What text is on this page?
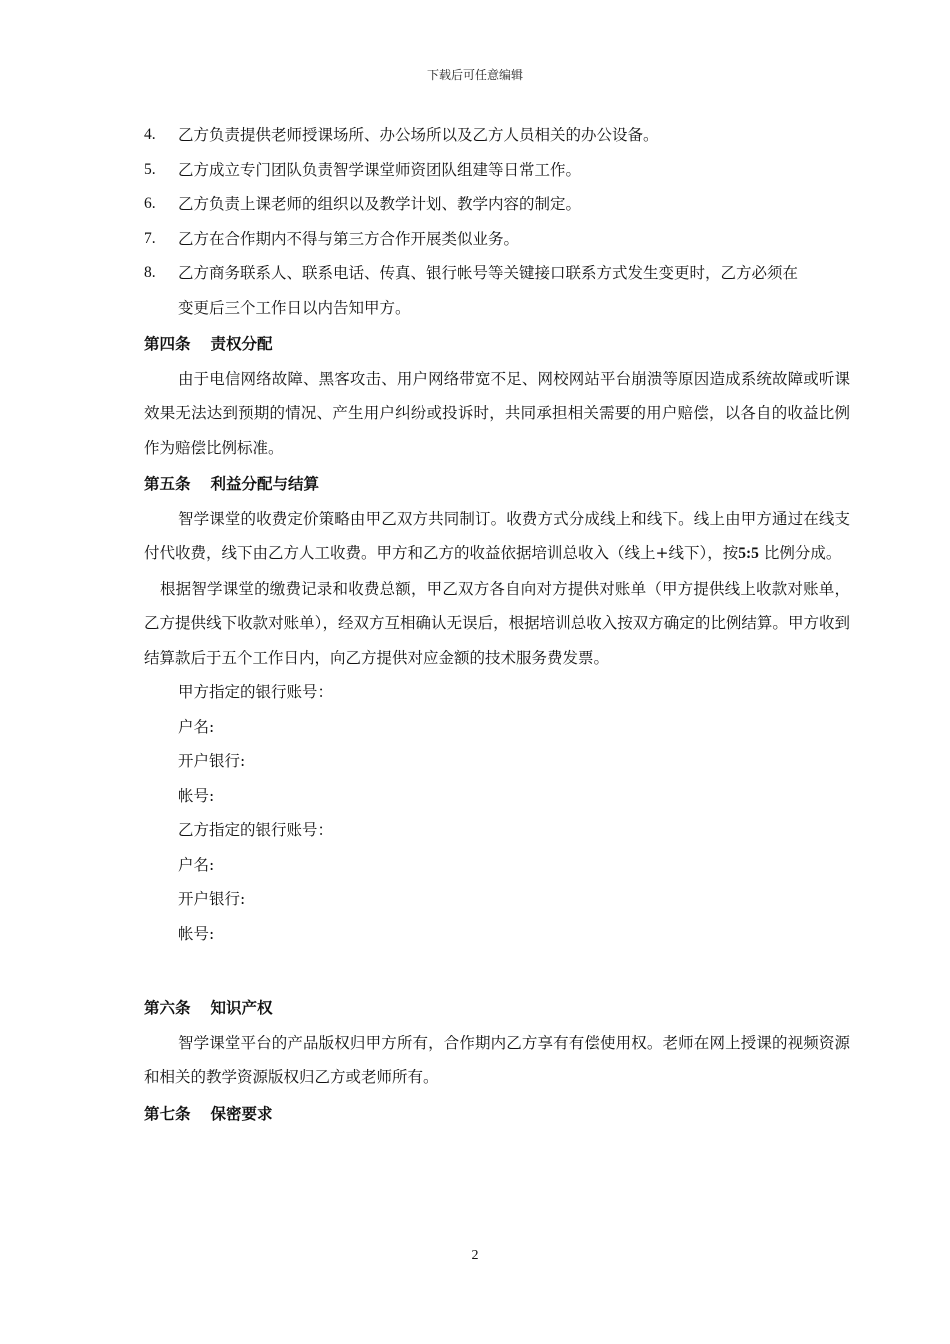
下载后可任意编辑
4.	乙方负责提供老师授课场所、办公场所以及乙方人员相关的办公设备。
5.	乙方成立专门团队负责智学课堂师资团队组建等日常工作。
6.	乙方负责上课老师的组织以及教学计划、教学内容的制定。
7.	乙方在合作期内不得与第三方合作开展类似业务。
8.	乙方商务联系人、联系电话、传真、银行帐号等关键接口联系方式发生变更时，乙方必须在
变更后三个工作日以内告知甲方。
第四条 责权分配
由于电信网络故障、黑客攻击、用户网络带宽不足、网校网站平台崩溃等原因造成系统故障或听课效果无法达到预期的情况、产生用户纠纷或投诉时，共同承担相关需要的用户赔偿，以各自的收益比例作为赔偿比例标准。
第五条 利益分配与结算
智学课堂的收费定价策略由甲乙双方共同制订。收费方式分成线上和线下。线上由甲方通过在线支付代收费，线下由乙方人工收费。甲方和乙方的收益依据培训总收入（线上+线下），按5:5 比例分成。
根据智学课堂的缴费记录和收费总额，甲乙双方各自向对方提供对账单（甲方提供线上收款对账单，乙方提供线下收款对账单），经双方互相确认无误后，根据培训总收入按双方确定的比例结算。甲方收到结算款后于五个工作日内，向乙方提供对应金额的技术服务费发票。
甲方指定的银行账号：
户名:
开户银行:
帐号:
乙方指定的银行账号：
户名:
开户银行:
帐号:
第六条 知识产权
智学课堂平台的产品版权归甲方所有，合作期内乙方享有有偿使用权。老师在网上授课的视频资源和相关的教学资源版权归乙方或老师所有。
第七条 保密要求
2
